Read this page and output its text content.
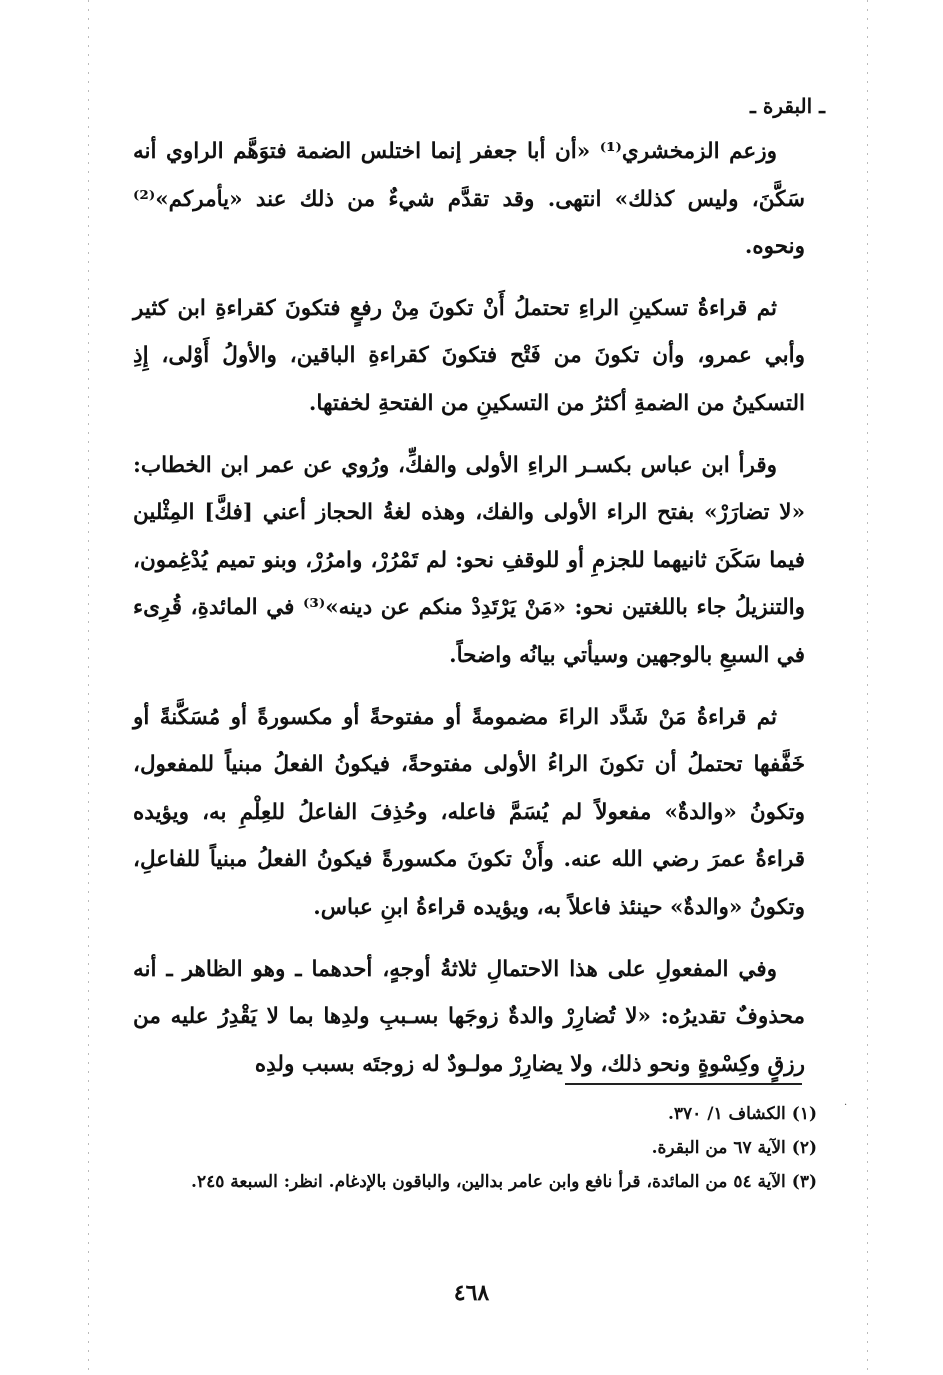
ـ البقرة ـ

وزعم الزمخشري⁽¹⁾ «أن أبا جعفر إنما اختلس الضمة فتوَهَّم الراوي أنه سَكَّنَ، وليس كذلك» انتهى. وقد تقدَّم شيءٌ من ذلك عند «يأمركم»⁽²⁾ ونحوه.

ثم قراءةُ تسكينِ الراءِ تحتملُ أَنْ تكونَ مِنْ رفعٍ فتكونَ كقراءةِ ابن كثير وأبي عمرو، وأن تكونَ من فَتْح فتكونَ كقراءةِ الباقين، والأولُ أَوْلى، إِذِ التسكينُ من الضمةِ أكثرُ من التسكينِ من الفتحةِ لخفتها.

وقرأ ابن عباس بكسـر الراءِ الأولى والفكِّ، ورُوي عن عمر ابن الخطاب: «لا تضارَرْ» بفتح الراء الأولى والفك، وهذه لغةُ الحجاز أعني [فكَّ] المِثْلين فيما سَكَنَ ثانيهما للجزمِ أو للوقفِ نحو: لم تَمْرُرْ، وامرُرْ، وبنو تميم يُدْغِمون، والتنزيلُ جاء باللغتين نحو: «مَنْ يَرْتَدِدْ منكم عن دينه»⁽³⁾ في المائدةِ، قُرِىء في السبعِ بالوجهين وسيأتي بيانُه واضحاً.

ثم قراءةُ مَنْ شَدَّد الراءَ مضمومةً أو مفتوحةً أو مكسورةً أو مُسَكَّنةً أو خَفَّفها تحتملُ أن تكونَ الراءُ الأولى مفتوحةً، فيكونُ الفعلُ مبنياً للمفعول، وتكونُ «والدةٌ» مفعولاً لم يُسَمَّ فاعله، وحُذِفَ الفاعلُ للعِلْمِ به، ويؤيده قراءةُ عمرَ رضي الله عنه. وأَنْ تكونَ مكسورةً فيكونُ الفعلُ مبنياً للفاعلِ، وتكونُ «والدةٌ» حينئذ فاعلاً به، ويؤيده قراءةُ ابنِ عباس.

وفي المفعولِ على هذا الاحتمالِ ثلاثةُ أوجهٍ، أحدهما ـ وهو الظاهر ـ أنه محذوفٌ تقديرُه: «لا تُضارِرْ والدةٌ زوجَها بسـببِ ولدِها بما لا يَقْدِرُ عليه من رزقٍ وكِسْوةٍ ونحو ذلك، ولا يضارِرْ مولـودٌ له زوجتَه بسبب ولدِه

·
(١)
الكشاف ١/ ٣٧٠.
(٢)
الآية ٦٧ من البقرة.
(٣)
الآية ٥٤ من المائدة، قرأ نافع وابن عامر بدالين، والباقون بالإدغام. انظر: السبعة ٢٤٥.
٤٦٨
